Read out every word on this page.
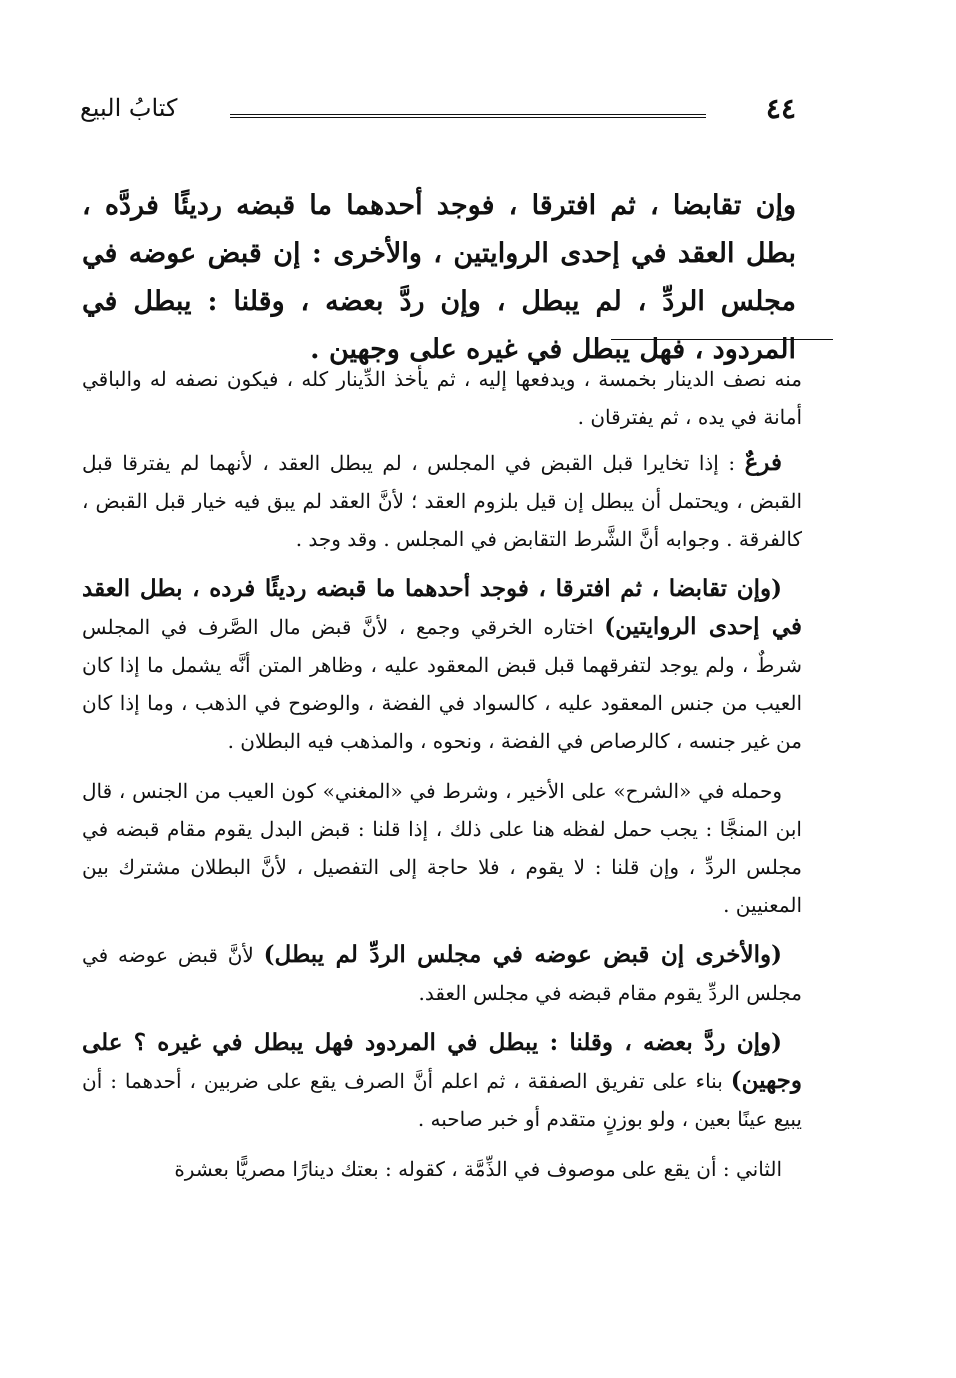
٤٤
كتابُ البيع
وإن تقابضا ، ثم افترقا ، فوجد أحدهما ما قبضه رديئًا فردَّه ، بطل العقد في إحدى الروايتين ، والأخرى : إن قبض عوضه في مجلس الردِّ ، لم يبطل ، وإن ردَّ بعضه ، وقلنا : يبطل في المردود ، فهل يبطل في غيره على وجهين .

منه نصف الدينار بخمسة ، ويدفعها إليه ، ثم يأخذ الدِّينار كله ، فيكون نصفه له والباقي أمانة في يده ، ثم يفترقان .

فرعٌ : إذا تخايرا قبل القبض في المجلس ، لم يبطل العقد ، لأنهما لم يفترقا قبل القبض ، ويحتمل أن يبطل إن قيل بلزوم العقد ؛ لأنَّ العقد لم يبق فيه خيار قبل القبض ، كالفرقة . وجوابه أنَّ الشَّرط التقابض في المجلس . وقد وجد .

(وإن تقابضا ، ثم افترقا ، فوجد أحدهما ما قبضه رديئًا فرده ، بطل العقد في إحدى الروايتين) اختاره الخرقي وجمع ، لأنَّ قبض مال الصَّرف في المجلس شرطٌ ، ولم يوجد لتفرقهما قبل قبض المعقود عليه ، وظاهر المتن أنَّه يشمل ما إذا كان العيب من جنس المعقود عليه ، كالسواد في الفضة ، والوضوح في الذهب ، وما إذا كان من غير جنسه ، كالرصاص في الفضة ، ونحوه ، والمذهب فيه البطلان .

وحمله في «الشرح» على الأخير ، وشرط في «المغني» كون العيب من الجنس ، قال ابن المنجَّا : يجب حمل لفظه هنا على ذلك ، إذا قلنا : قبض البدل يقوم مقام قبضه في مجلس الردِّ ، وإن قلنا : لا يقوم ، فلا حاجة إلى التفصيل ، لأنَّ البطلان مشترك بين المعنيين .

(والأخرى إن قبض عوضه في مجلس الردِّ لم يبطل) لأنَّ قبض عوضه في مجلس الردِّ يقوم مقام قبضه في مجلس العقد.

(وإن ردَّ بعضه ، وقلنا : يبطل في المردود فهل يبطل في غيره ؟ على وجهين) بناء على تفريق الصفقة ، ثم اعلم أنَّ الصرف يقع على ضربين ، أحدهما : أن يبيع عينًا بعين ، ولو بوزنٍ متقدم أو خبر صاحبه .

الثاني : أن يقع على موصوف في الذِّمَّة ، كقوله : بعتك دينارًا مصريًّا بعشرة
